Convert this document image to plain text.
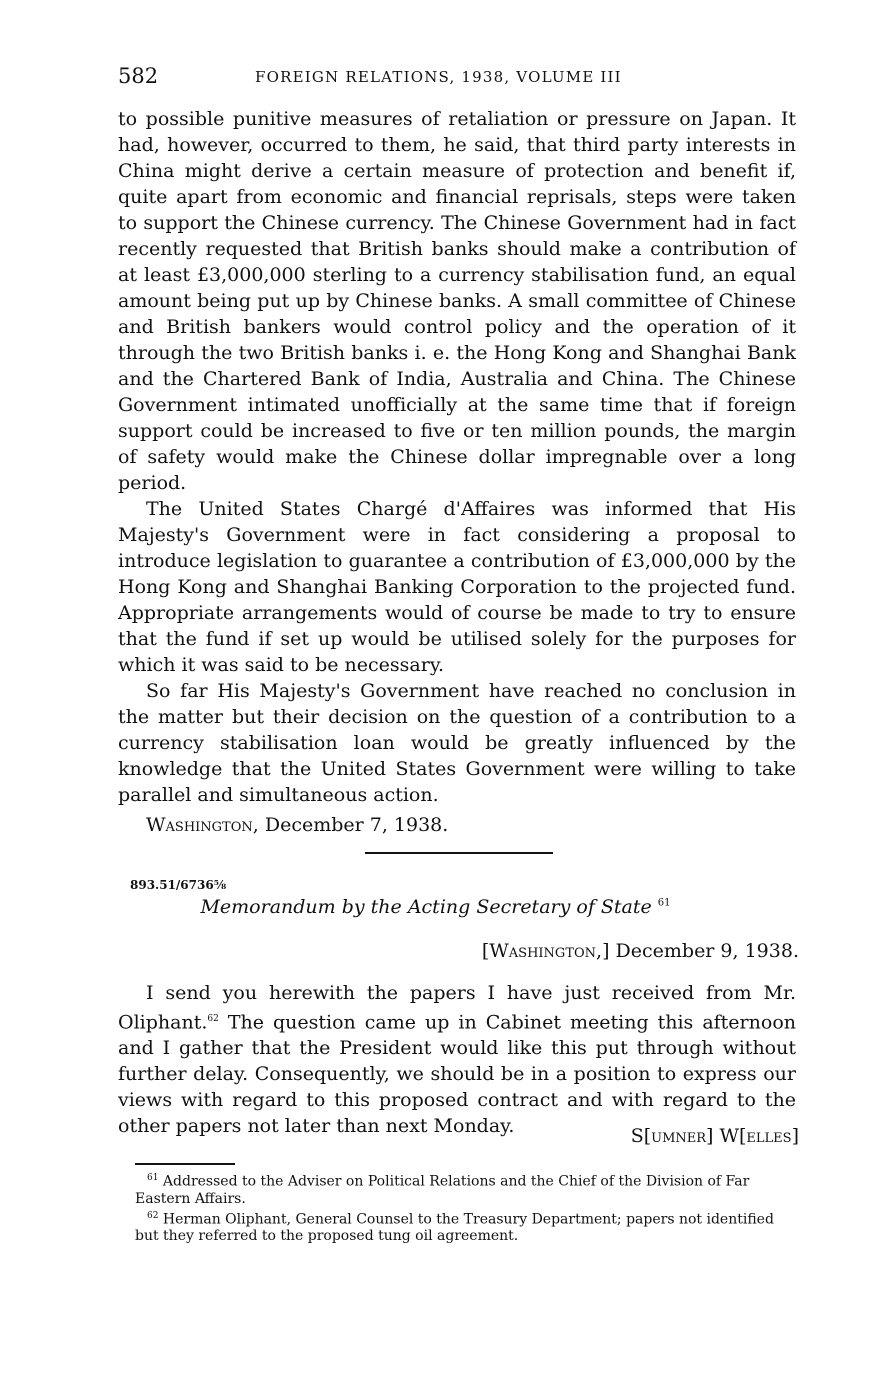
582	FOREIGN RELATIONS, 1938, VOLUME III

to possible punitive measures of retaliation or pressure on Japan. It had, however, occurred to them, he said, that third party interests in China might derive a certain measure of protection and benefit if, quite apart from economic and financial reprisals, steps were taken to support the Chinese currency. The Chinese Government had in fact recently requested that British banks should make a contribution of at least £3,000,000 sterling to a currency stabilisation fund, an equal amount being put up by Chinese banks. A small committee of Chinese and British bankers would control policy and the operation of it through the two British banks i. e. the Hong Kong and Shanghai Bank and the Chartered Bank of India, Australia and China. The Chinese Government intimated unofficially at the same time that if foreign support could be increased to five or ten million pounds, the margin of safety would make the Chinese dollar impregnable over a long period.

The United States Chargé d'Affaires was informed that His Majesty's Government were in fact considering a proposal to introduce legislation to guarantee a contribution of £3,000,000 by the Hong Kong and Shanghai Banking Corporation to the projected fund. Appropriate arrangements would of course be made to try to ensure that the fund if set up would be utilised solely for the purposes for which it was said to be necessary.

So far His Majesty's Government have reached no conclusion in the matter but their decision on the question of a contribution to a currency stabilisation loan would be greatly influenced by the knowledge that the United States Government were willing to take parallel and simultaneous action.

Washington, December 7, 1938.

893.51/6736⅝
Memorandum by the Acting Secretary of State $^{61}$
[Washington,] December 9, 1938.

I send you herewith the papers I have just received from Mr. Oliphant.$^{62}$ The question came up in Cabinet meeting this afternoon and I gather that the President would like this put through without further delay. Consequently, we should be in a position to express our views with regard to this proposed contract and with regard to the other papers not later than next Monday.	S[umner] W[elles]

$^{61}$ Addressed to the Adviser on Political Relations and the Chief of the Division of Far Eastern Affairs.

$^{62}$ Herman Oliphant, General Counsel to the Treasury Department; papers not identified but they referred to the proposed tung oil agreement.
